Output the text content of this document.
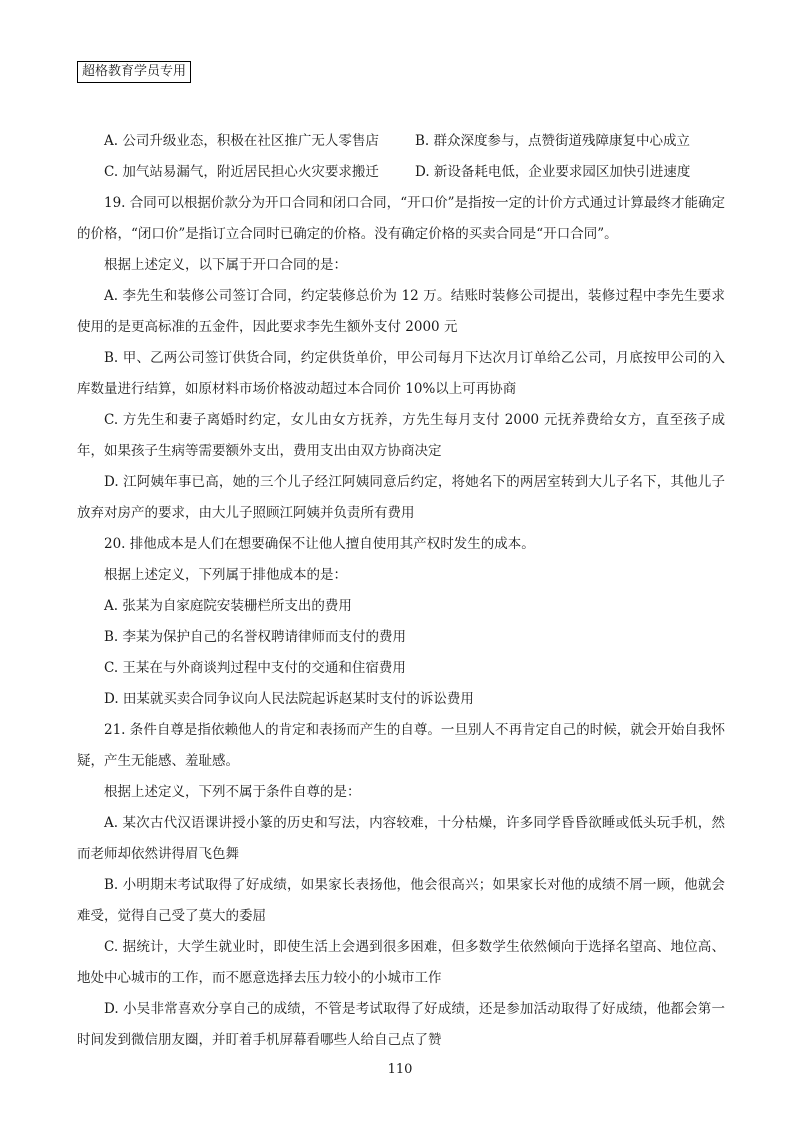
超格教育学员专用
A. 公司升级业态，积极在社区推广无人零售店	B. 群众深度参与，点赞街道残障康复中心成立
C. 加气站易漏气，附近居民担心火灾要求搬迁	D. 新设备耗电低，企业要求园区加快引进速度

19. 合同可以根据价款分为开口合同和闭口合同，“开口价”是指按一定的计价方式通过计算最终才能确定的价格，“闭口价”是指订立合同时已确定的价格。没有确定价格的买卖合同是“开口合同”。

根据上述定义，以下属于开口合同的是：

A. 李先生和装修公司签订合同，约定装修总价为 12 万。结账时装修公司提出，装修过程中李先生要求使用的是更高标准的五金件，因此要求李先生额外支付 2000 元

B. 甲、乙两公司签订供货合同，约定供货单价，甲公司每月下达次月订单给乙公司，月底按甲公司的入库数量进行结算，如原材料市场价格波动超过本合同价 10%以上可再协商

C. 方先生和妻子离婚时约定，女儿由女方抚养，方先生每月支付 2000 元抚养费给女方，直至孩子成年，如果孩子生病等需要额外支出，费用支出由双方协商决定

D. 江阿姨年事已高，她的三个儿子经江阿姨同意后约定，将她名下的两居室转到大儿子名下，其他儿子放弃对房产的要求，由大儿子照顾江阿姨并负责所有费用

20. 排他成本是人们在想要确保不让他人擅自使用其产权时发生的成本。

根据上述定义，下列属于排他成本的是：

A. 张某为自家庭院安装栅栏所支出的费用

B. 李某为保护自己的名誉权聘请律师而支付的费用

C. 王某在与外商谈判过程中支付的交通和住宿费用

D. 田某就买卖合同争议向人民法院起诉赵某时支付的诉讼费用

21. 条件自尊是指依赖他人的肯定和表扬而产生的自尊。一旦别人不再肯定自己的时候，就会开始自我怀疑，产生无能感、羞耻感。

根据上述定义，下列不属于条件自尊的是：

A. 某次古代汉语课讲授小篆的历史和写法，内容较难，十分枯燥，许多同学昏昏欲睡或低头玩手机，然而老师却依然讲得眉飞色舞

B. 小明期末考试取得了好成绩，如果家长表扬他，他会很高兴；如果家长对他的成绩不屑一顾，他就会难受，觉得自己受了莫大的委屈

C. 据统计，大学生就业时，即使生活上会遇到很多困难，但多数学生依然倾向于选择名望高、地位高、地处中心城市的工作，而不愿意选择去压力较小的小城市工作

D. 小吴非常喜欢分享自己的成绩，不管是考试取得了好成绩，还是参加活动取得了好成绩，他都会第一时间发到微信朋友圈，并盯着手机屏幕看哪些人给自己点了赞

110
